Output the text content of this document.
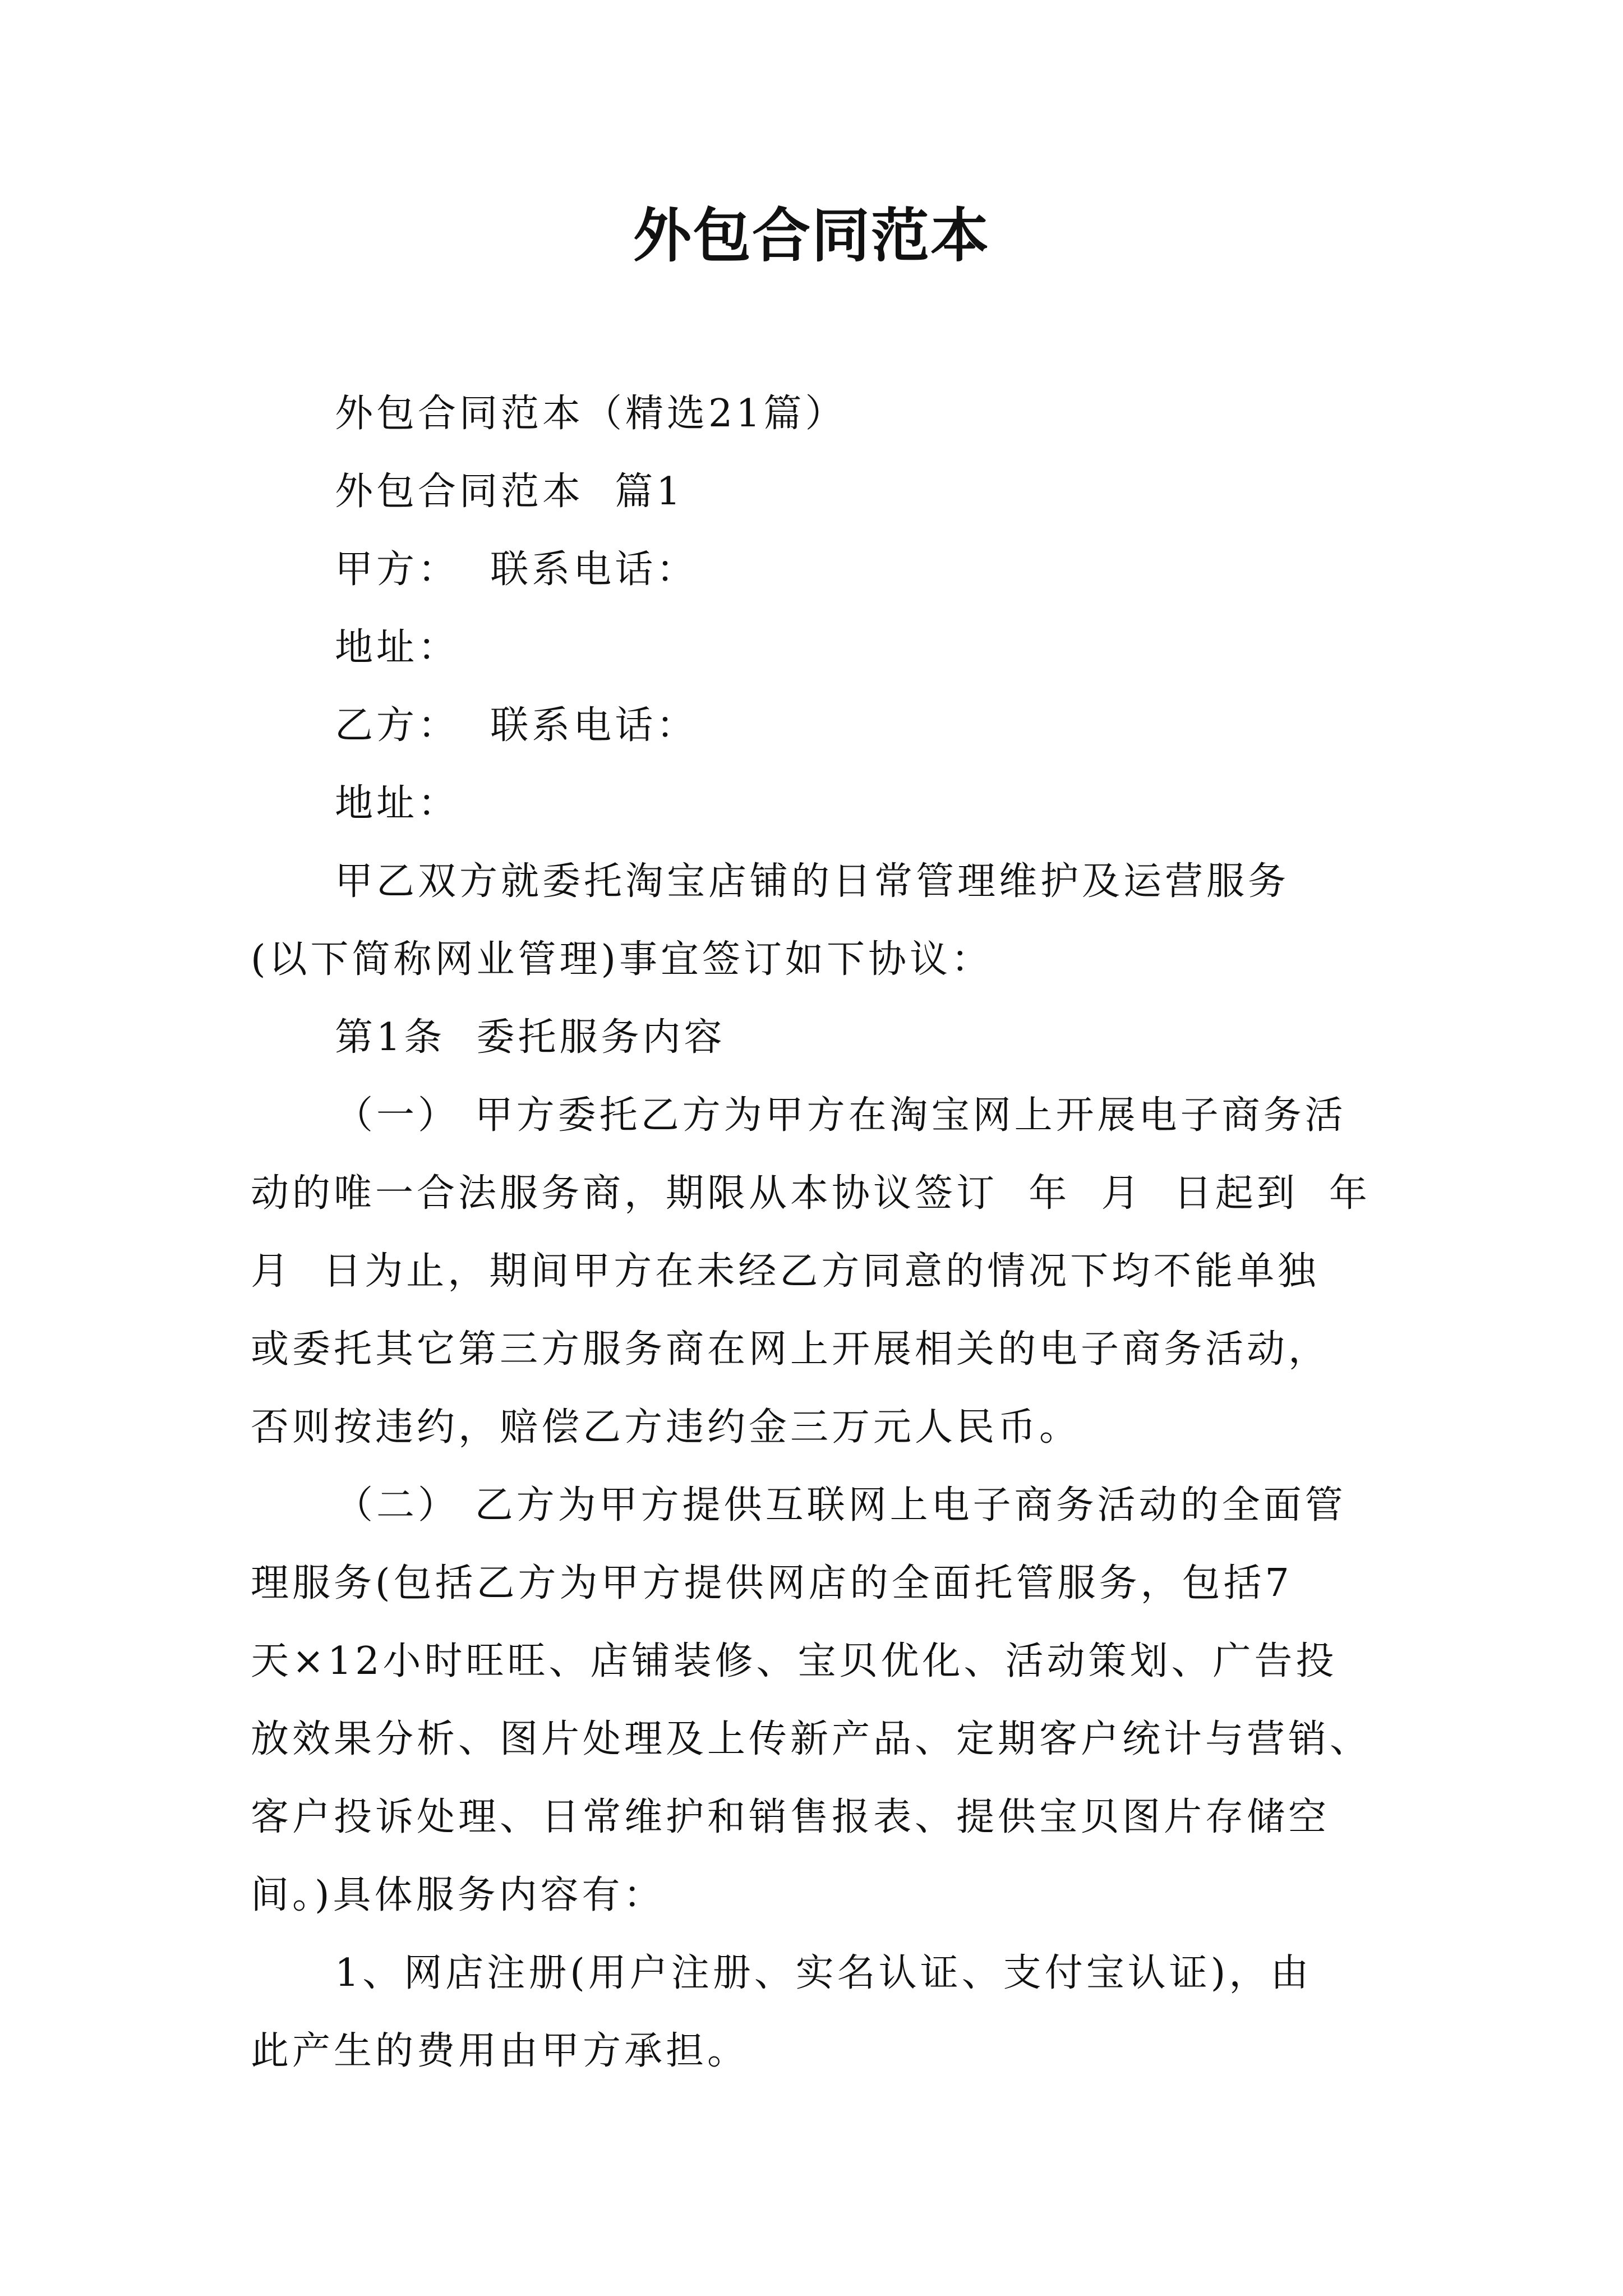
外包合同范本
外包合同范本（精选21篇）
外包合同范本  篇1
甲方：  联系电话：
地址：
乙方：  联系电话：
地址：
甲乙双方就委托淘宝店铺的日常管理维护及运营服务
(以下简称网业管理)事宜签订如下协议：
第1条  委托服务内容
（一） 甲方委托乙方为甲方在淘宝网上开展电子商务活
动的唯一合法服务商，期限从本协议签订  年  月  日起到  年
月  日为止，期间甲方在未经乙方同意的情况下均不能单独
或委托其它第三方服务商在网上开展相关的电子商务活动，
否则按违约，赔偿乙方违约金三万元人民币。
（二） 乙方为甲方提供互联网上电子商务活动的全面管
理服务(包括乙方为甲方提供网店的全面托管服务，包括7
天×12小时旺旺、店铺装修、宝贝优化、活动策划、广告投
放效果分析、图片处理及上传新产品、定期客户统计与营销、
客户投诉处理、日常维护和销售报表、提供宝贝图片存储空
间。)具体服务内容有：
1、网店注册(用户注册、实名认证、支付宝认证)，由
此产生的费用由甲方承担。
